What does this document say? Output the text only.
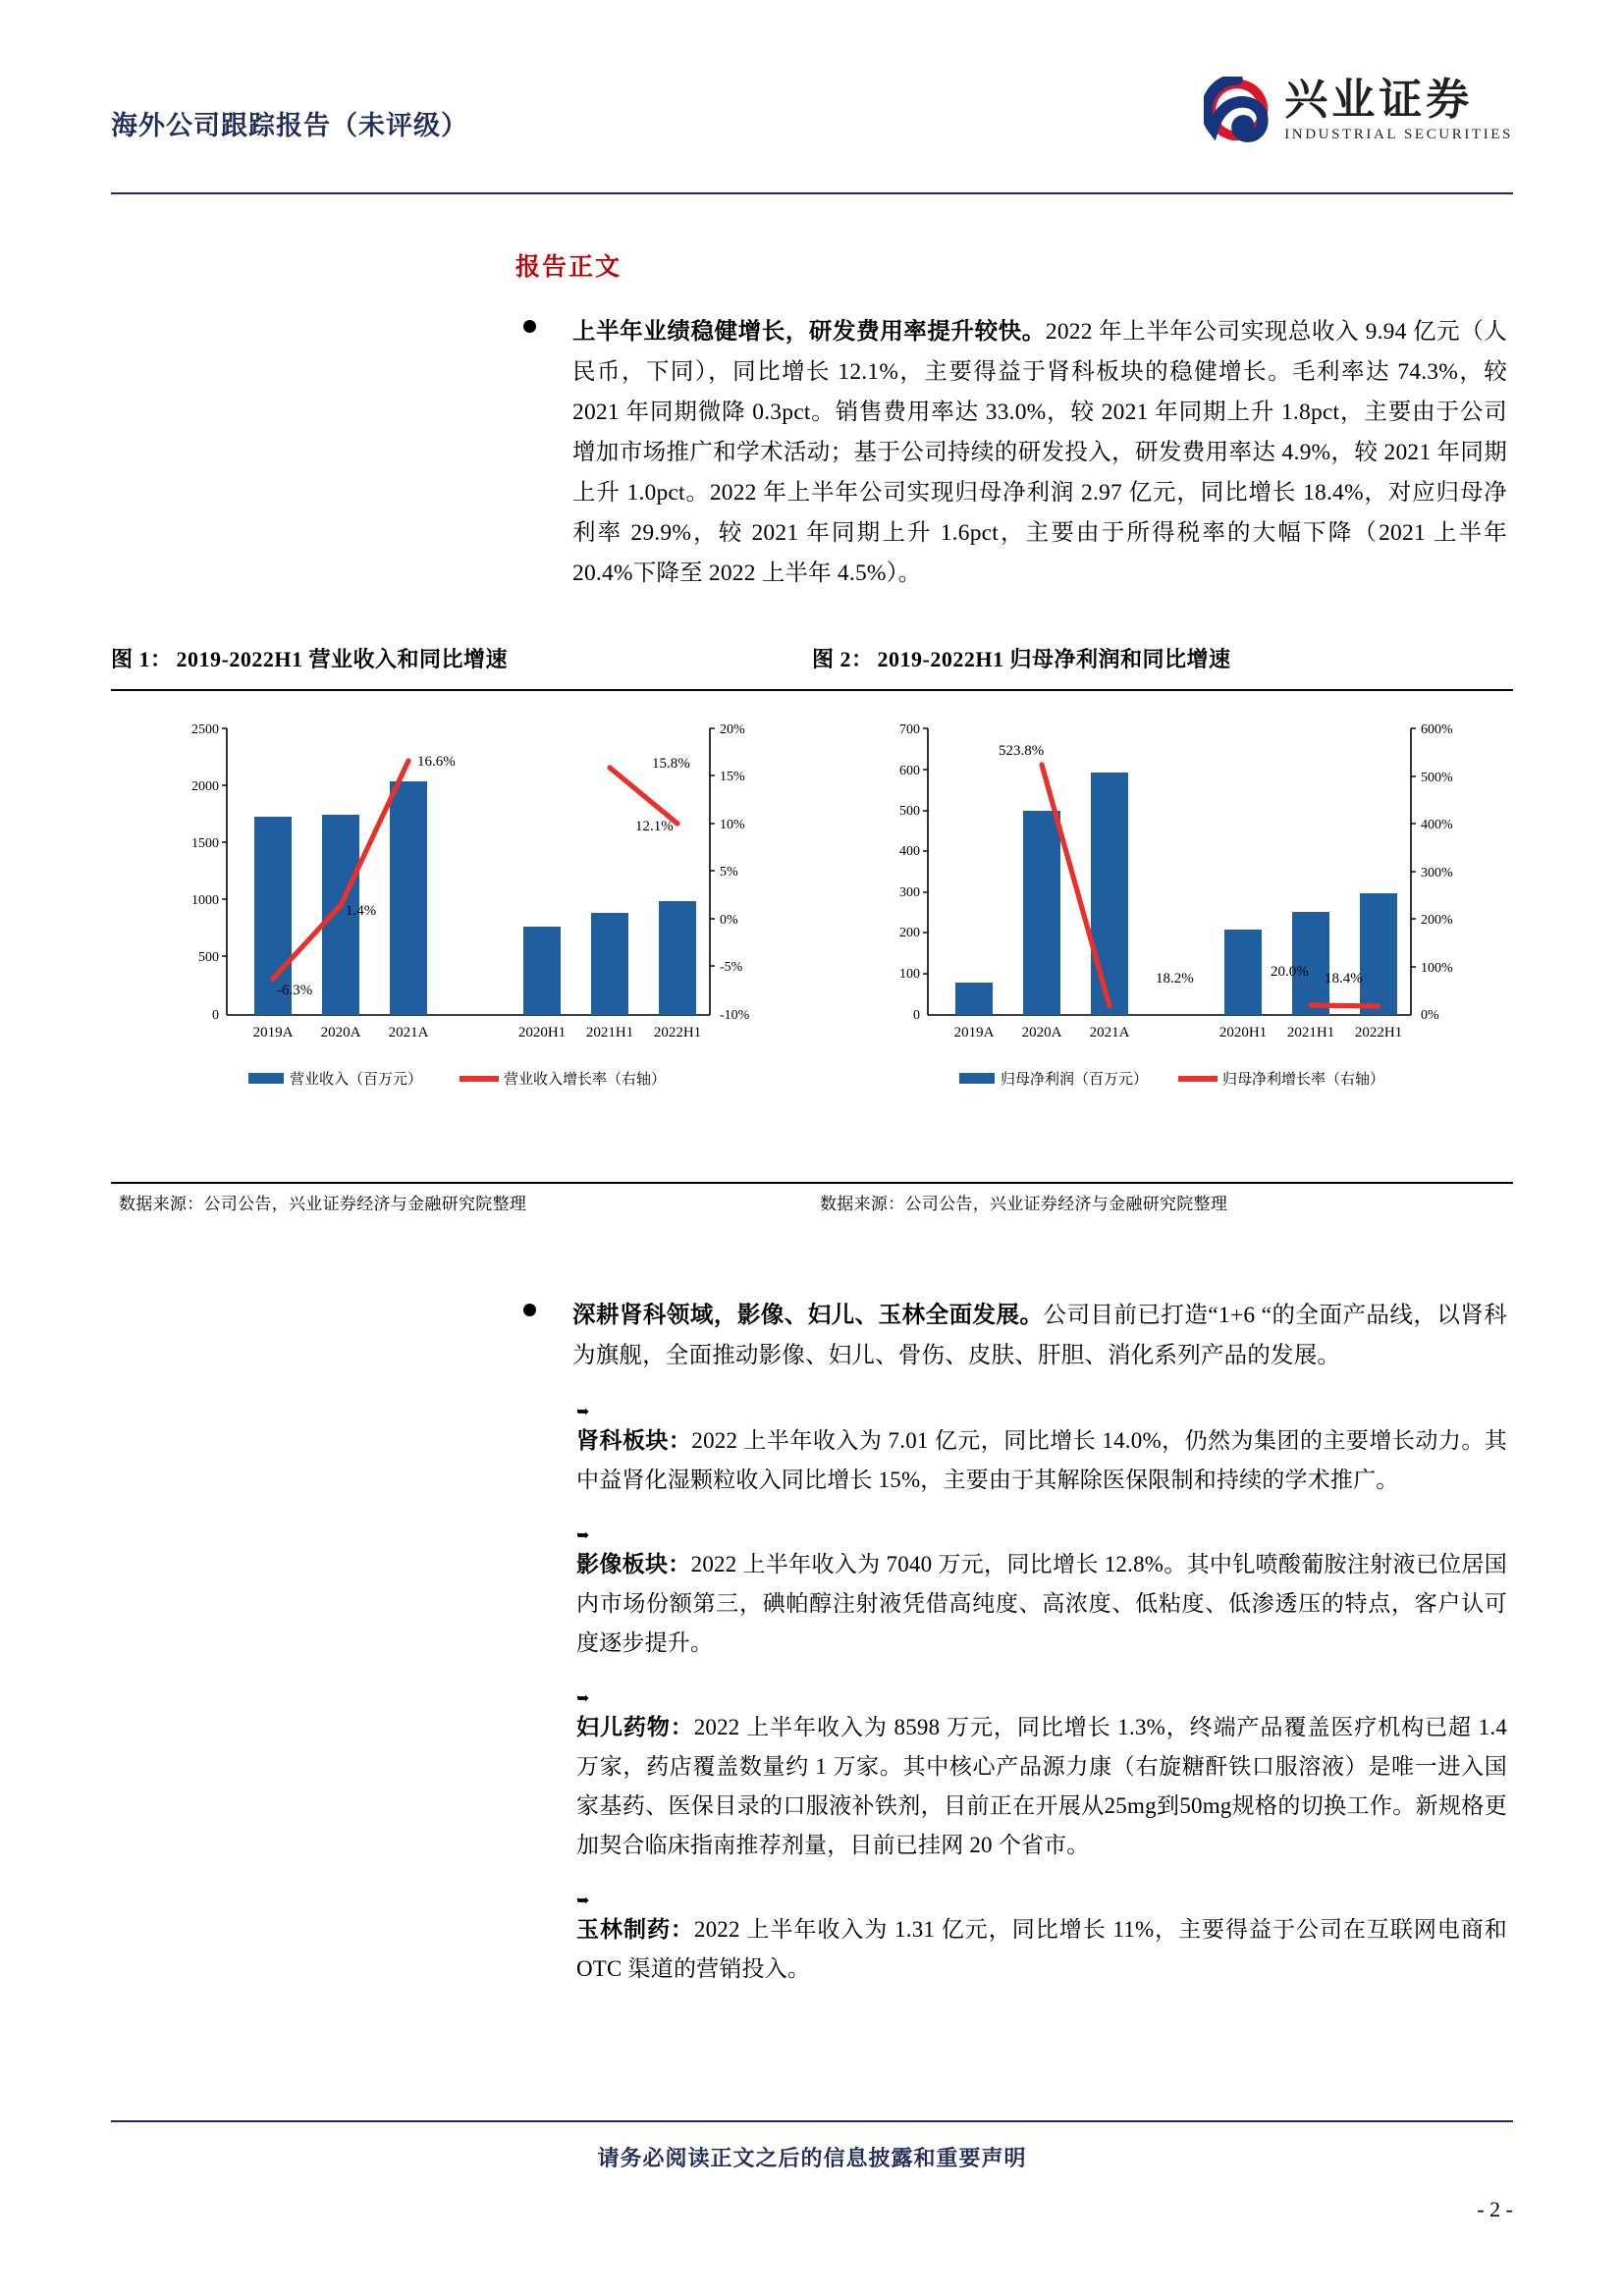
海外公司跟踪报告（未评级）
兴业证券
INDUSTRIAL SECURITIES
报告正文
上半年业绩稳健增长，研发费用率提升较快。2022 年上半年公司实现总收入 9.94 亿元（人民币，下同），同比增长 12.1%，主要得益于肾科板块的稳健增长。毛利率达 74.3%，较 2021 年同期微降 0.3pct。销售费用率达 33.0%，较 2021 年同期上升 1.8pct，主要由于公司增加市场推广和学术活动；基于公司持续的研发投入，研发费用率达 4.9%，较 2021 年同期上升 1.0pct。2022 年上半年公司实现归母净利润 2.97 亿元，同比增长 18.4%，对应归母净利率 29.9%，较 2021 年同期上升 1.6pct，主要由于所得税率的大幅下降（2021 上半年 20.4%下降至 2022 上半年 4.5%）。
图 1： 2019-2022H1 营业收入和同比增速	图 2： 2019-2022H1 归母净利润和同比增速
2500
2000
1500
1000
500
0
20%
15%
10%
5%
0%
-5%
-10%
-6.3%
1.4%
16.6%	15.8%
12.1%
2019A 2020A 2021A	2020H1 2021H1 2022H1
营业收入（百万元）	营业收入增长率（右轴）
700
600
500
400
300
200
100
0
600%
500%
400%
300%
200%
100%
0%
523.8%
18.2%	20.0% 18.4%
2019A 2020A 2021A	2020H1 2021H1 2022H1
归母净利润（百万元）	归母净利增长率（右轴）
数据来源：公司公告，兴业证券经济与金融研究院整理	数据来源：公司公告，兴业证券经济与金融研究院整理
深耕肾科领域，影像、妇儿、玉林全面发展。公司目前已打造“1+6 “的全面产品线，以肾科为旗舰，全面推动影像、妇儿、骨伤、皮肤、肝胆、消化系列产品的发展。
➥
肾科板块：2022 上半年收入为 7.01 亿元，同比增长 14.0%，仍然为集团的主要增长动力。其中益肾化湿颗粒收入同比增长 15%，主要由于其解除医保限制和持续的学术推广。
➥
影像板块：2022 上半年收入为 7040 万元，同比增长 12.8%。其中钆喷酸葡胺注射液已位居国内市场份额第三，碘帕醇注射液凭借高纯度、高浓度、低粘度、低渗透压的特点，客户认可度逐步提升。
➥
妇儿药物：2022 上半年收入为 8598 万元，同比增长 1.3%，终端产品覆盖医疗机构已超 1.4 万家，药店覆盖数量约 1 万家。其中核心产品源力康（右旋糖酐铁口服溶液）是唯一进入国家基药、医保目录的口服液补铁剂，目前正在开展从25mg到50mg规格的切换工作。新规格更加契合临床指南推荐剂量，目前已挂网 20 个省市。
➥
玉林制药：2022 上半年收入为 1.31 亿元，同比增长 11%，主要得益于公司在互联网电商和 OTC 渠道的营销投入。
请务必阅读正文之后的信息披露和重要声明
- 2 -
